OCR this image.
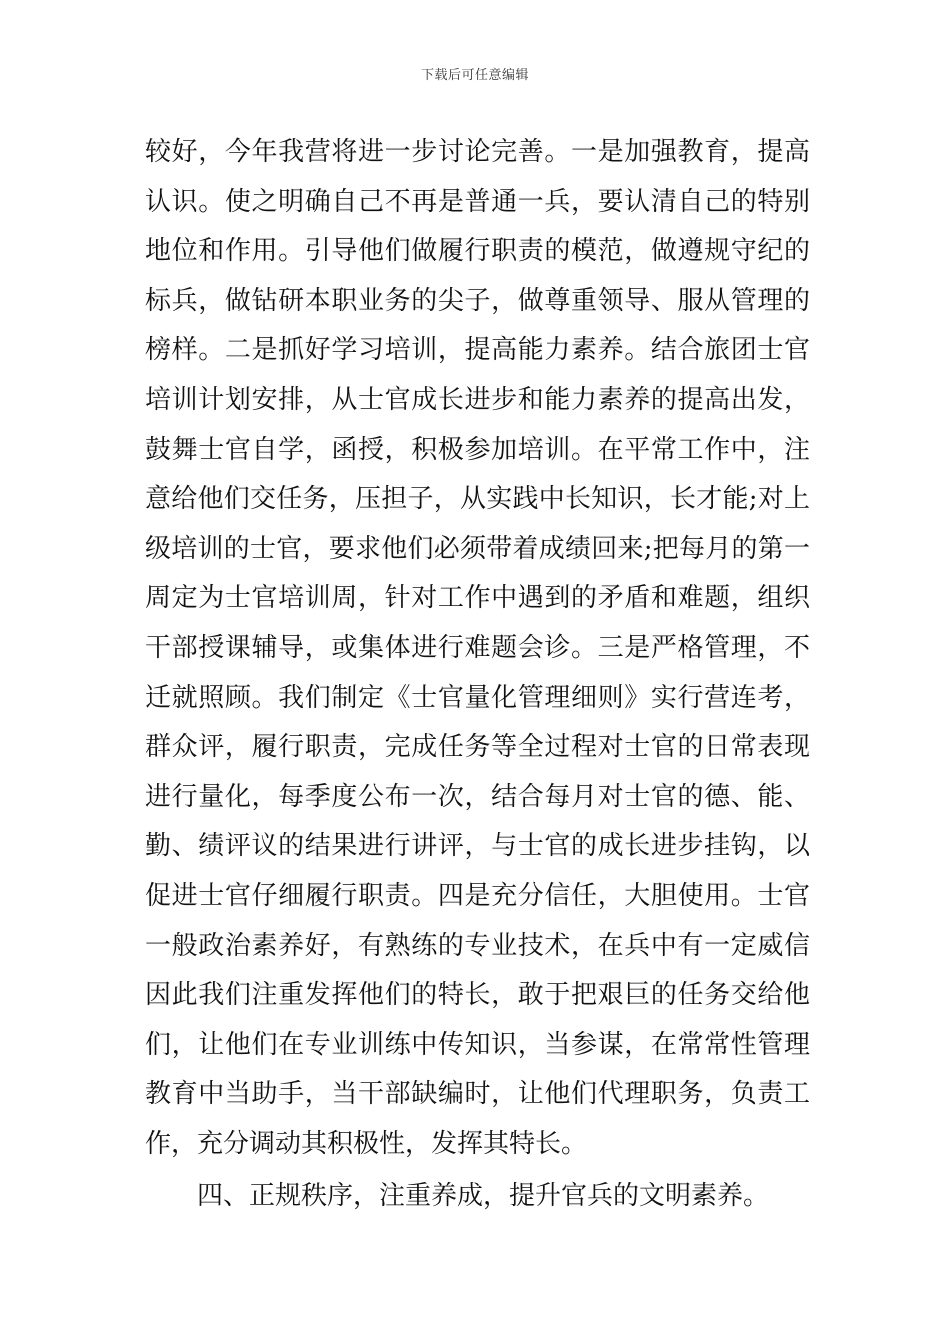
下载后可任意编辑
较好，今年我营将进一步讨论完善。一是加强教育，提高
认识。使之明确自己不再是普通一兵，要认清自己的特别
地位和作用。引导他们做履行职责的模范，做遵规守纪的
标兵，做钻研本职业务的尖子，做尊重领导、服从管理的
榜样。二是抓好学习培训，提高能力素养。结合旅团士官
培训计划安排，从士官成长进步和能力素养的提高出发，
鼓舞士官自学，函授，积极参加培训。在平常工作中，注
意给他们交任务，压担子，从实践中长知识，长才能;对上
级培训的士官，要求他们必须带着成绩回来;把每月的第一
周定为士官培训周，针对工作中遇到的矛盾和难题，组织
干部授课辅导，或集体进行难题会诊。三是严格管理，不
迁就照顾。我们制定《士官量化管理细则》实行营连考，
群众评，履行职责，完成任务等全过程对士官的日常表现
进行量化，每季度公布一次，结合每月对士官的德、能、
勤、绩评议的结果进行讲评，与士官的成长进步挂钩，以
促进士官仔细履行职责。四是充分信任，大胆使用。士官
一般政治素养好，有熟练的专业技术，在兵中有一定威信
因此我们注重发挥他们的特长，敢于把艰巨的任务交给他
们，让他们在专业训练中传知识，当参谋，在常常性管理
教育中当助手，当干部缺编时，让他们代理职务，负责工
作，充分调动其积极性，发挥其特长。
四、正规秩序，注重养成，提升官兵的文明素养。
